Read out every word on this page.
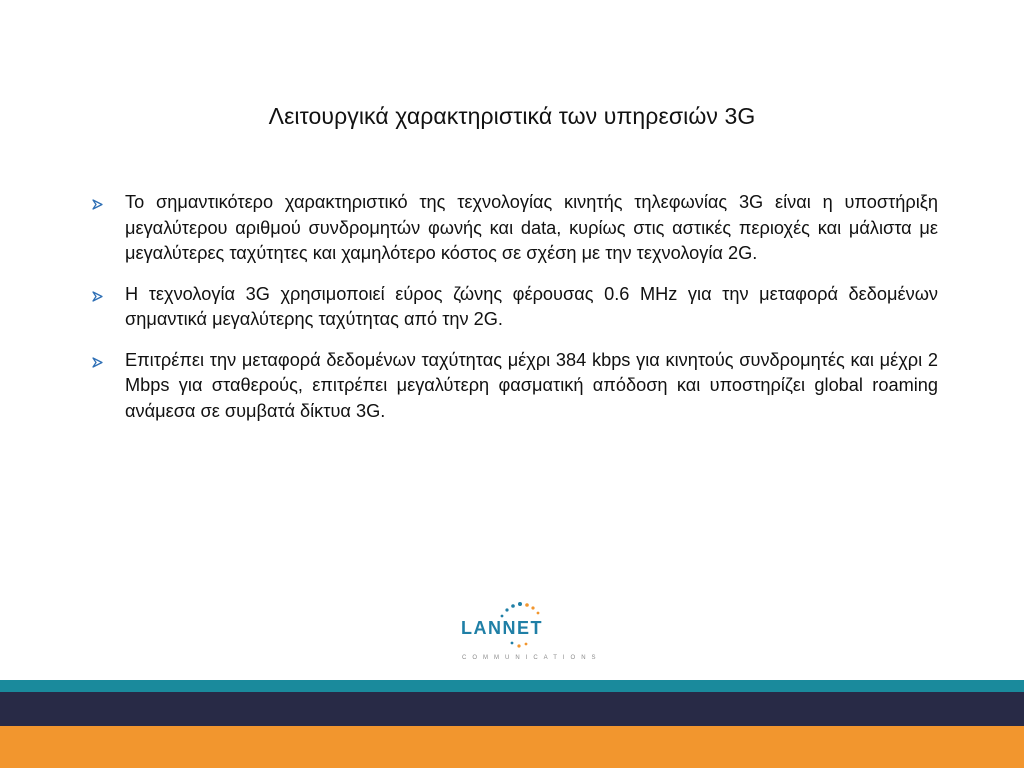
Λειτουργικά χαρακτηριστικά των υπηρεσιών 3G
Το σημαντικότερο χαρακτηριστικό της τεχνολογίας κινητής τηλεφωνίας 3G είναι η υποστήριξη μεγαλύτερου αριθμού συνδρομητών φωνής και data, κυρίως στις αστικές περιοχές και μάλιστα με μεγαλύτερες ταχύτητες και χαμηλότερο κόστος σε σχέση με την τεχνολογία 2G.
Η τεχνολογία 3G χρησιμοποιεί εύρος ζώνης φέρουσας 0.6 MHz για την μεταφορά δεδομένων σημαντικά μεγαλύτερης ταχύτητας από την 2G.
Επιτρέπει την μεταφορά δεδομένων ταχύτητας μέχρι 384 kbps για κινητούς συνδρομητές και μέχρι 2 Mbps για σταθερούς, επιτρέπει μεγαλύτερη φασματική απόδοση και υποστηρίζει global roaming ανάμεσα σε συμβατά δίκτυα 3G.
LANNET
COMMUNICATIONS
